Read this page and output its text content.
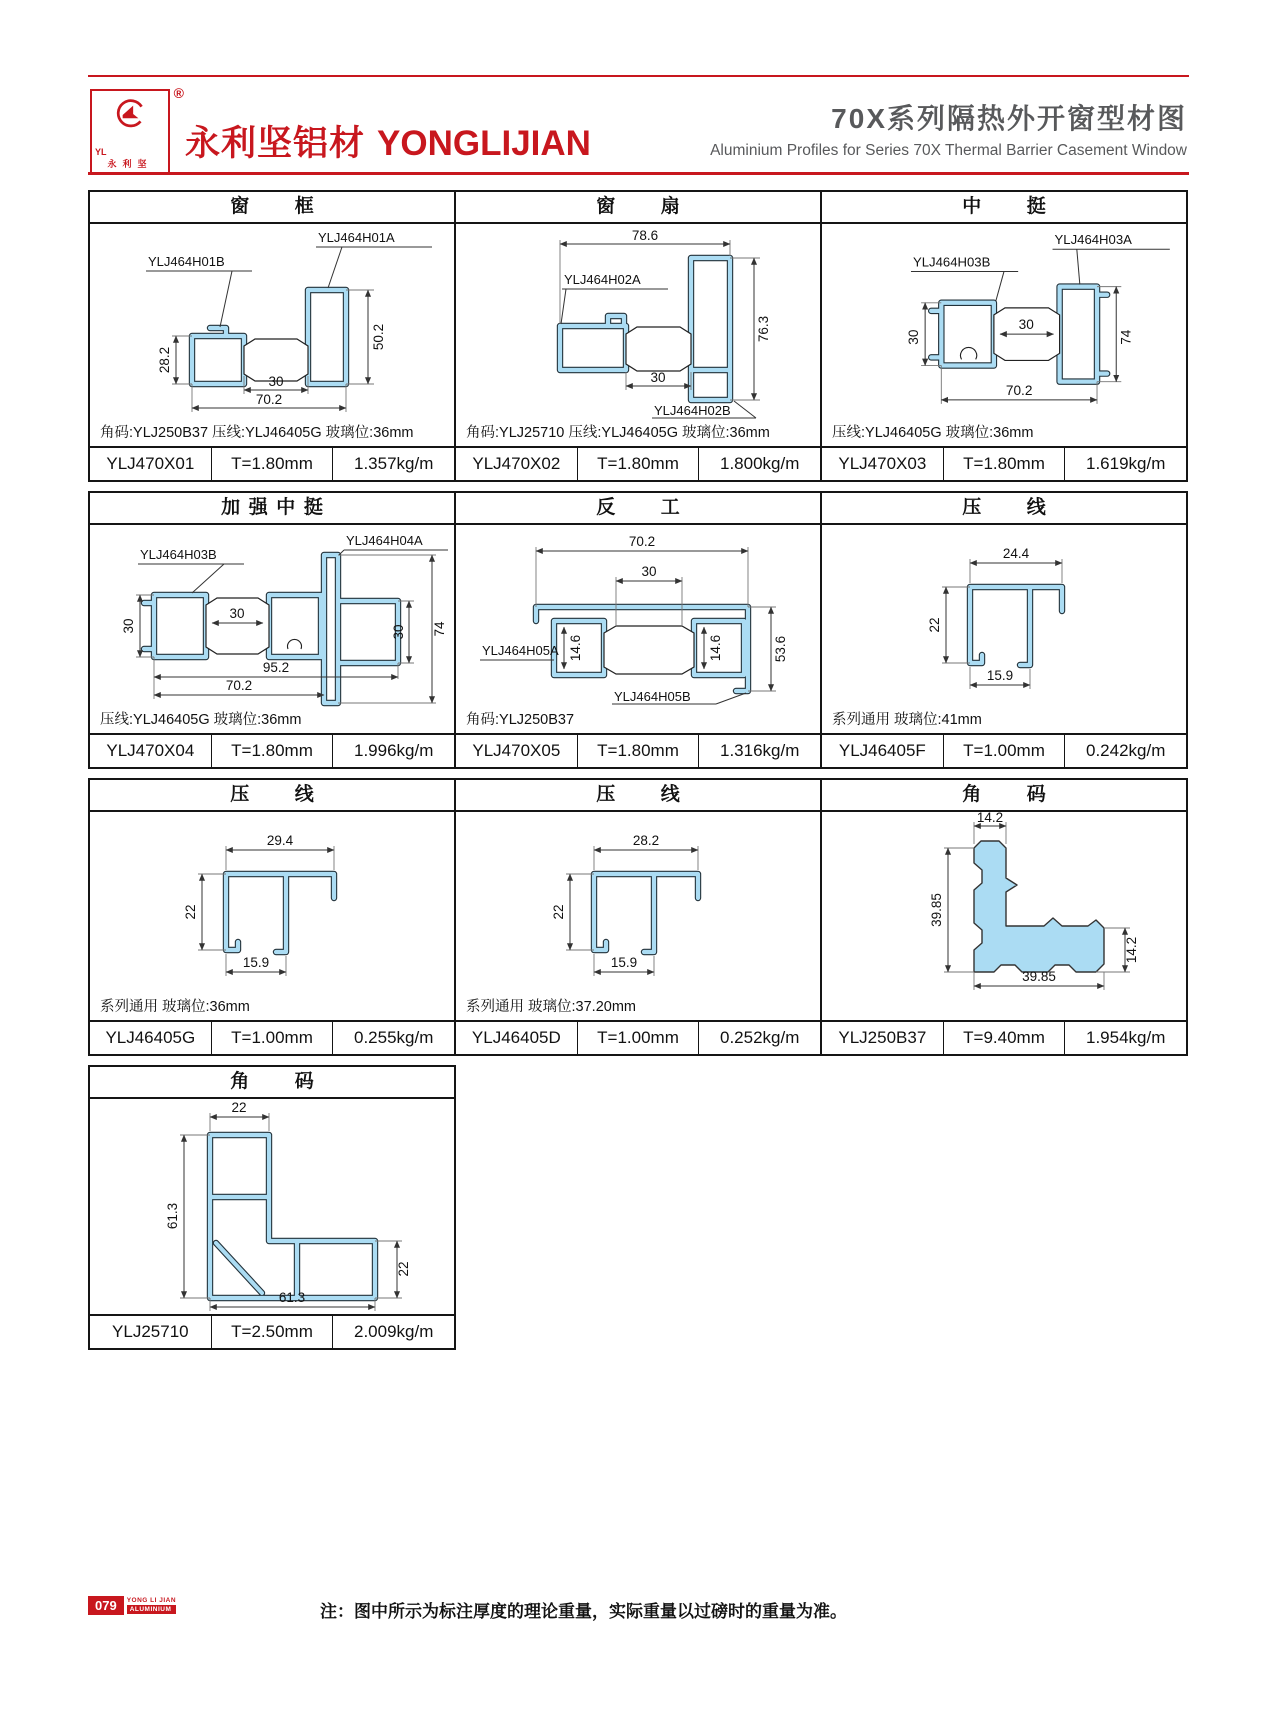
®
YL
永利坚
永利坚铝材 YONGLIJIAN
70X系列隔热外开窗型材图
Aluminium Profiles for Series 70X Thermal Barrier Casement Window
窗框
28.2
50.2
30
70.2
YLJ464H01B
YLJ464H01A
角码:YLJ250B37 压线:YLJ46405G 玻璃位:36mm
YLJ470X01	T=1.80mm	1.357kg/m
窗扇
78.6
76.3
30
YLJ464H02A
YLJ464H02B
角码:YLJ25710 压线:YLJ46405G 玻璃位:36mm
YLJ470X02	T=1.80mm	1.800kg/m
中挺
30
30
74
70.2
YLJ464H03B
YLJ464H03A
压线:YLJ46405G 玻璃位:36mm
YLJ470X03	T=1.80mm	1.619kg/m
加强中挺
30
30
30 74
95.2
70.2
YLJ464H03B
YLJ464H04A
压线:YLJ46405G 玻璃位:36mm
YLJ470X04	T=1.80mm	1.996kg/m
反工
70.2
30
14.6	14.6	53.6
YLJ464H05A
YLJ464H05B
角码:YLJ250B37
YLJ470X05	T=1.80mm	1.316kg/m
压线
24.4
22
15.9
系列通用 玻璃位:41mm
YLJ46405F	T=1.00mm	0.242kg/m
压线
29.4
22
15.9
系列通用 玻璃位:36mm
YLJ46405G	T=1.00mm	0.255kg/m
压线
28.2
22
15.9
系列通用 玻璃位:37.20mm
YLJ46405D	T=1.00mm	0.252kg/m
角码
14.2
39.85
14.2
39.85
YLJ250B37	T=9.40mm	1.954kg/m
角码
22
61.3
22
61.3
YLJ25710	T=2.50mm	2.009kg/m
079	YONG LI JIAN
ALUMINIUM	注：图中所示为标注厚度的理论重量，实际重量以过磅时的重量为准。
